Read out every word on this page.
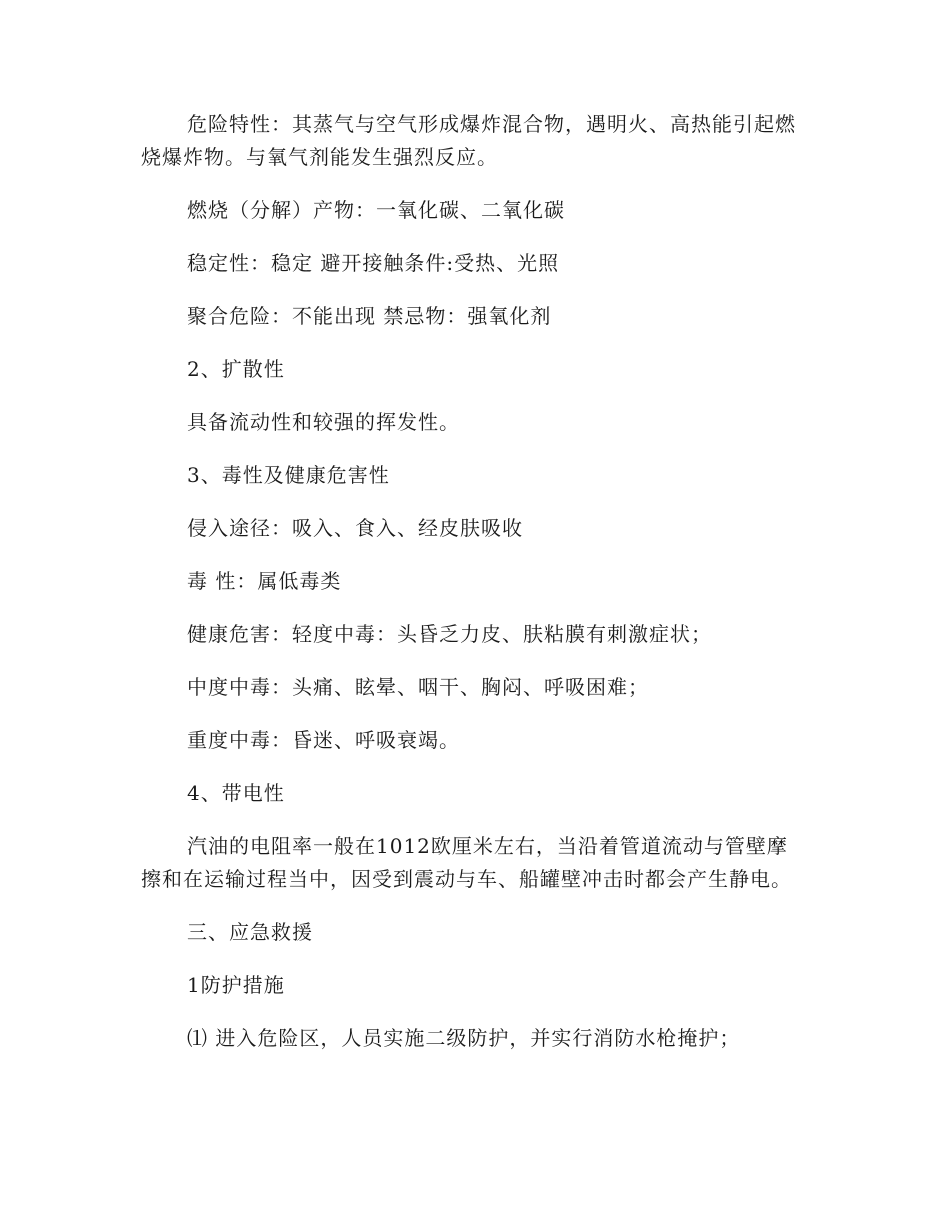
危险特性：其蒸气与空气形成爆炸混合物，遇明火、高热能引起燃烧爆炸物。与氧气剂能发生强烈反应。

燃烧（分解）产物：一氧化碳、二氧化碳

稳定性：稳定 避开接触条件:受热、光照

聚合危险：不能出现 禁忌物：强氧化剂

2、扩散性

具备流动性和较强的挥发性。

3、毒性及健康危害性

侵入途径：吸入、食入、经皮肤吸收

毒 性：属低毒类

健康危害：轻度中毒：头昏乏力皮、肤粘膜有刺激症状；

中度中毒：头痛、眩晕、咽干、胸闷、呼吸困难；

重度中毒：昏迷、呼吸衰竭。

4、带电性

汽油的电阻率一般在1012欧厘米左右，当沿着管道流动与管壁摩擦和在运输过程当中，因受到震动与车、船罐壁冲击时都会产生静电。

三、应急救援

1防护措施

⑴ 进入危险区，人员实施二级防护，并实行消防水枪掩护；
